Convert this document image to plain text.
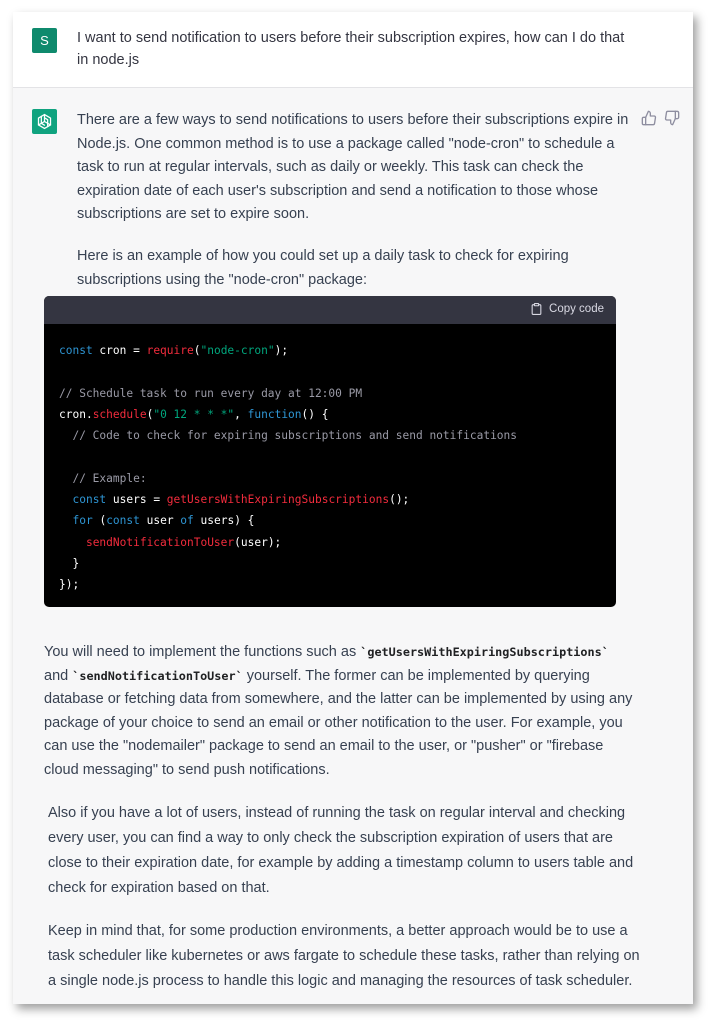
S	I want to send notification to users before their subscription expires, how can I do that in node.js

There are a few ways to send notifications to users before their subscriptions expire in Node.js. One common method is to use a package called "node-cron" to schedule a task to run at regular intervals, such as daily or weekly. This task can check the expiration date of each user's subscription and send a notification to those whose subscriptions are set to expire soon.

Here is an example of how you could set up a daily task to check for expiring subscriptions using the "node-cron" package:

Copy code
const cron = require("node-cron");

// Schedule task to run every day at 12:00 PM
cron.schedule("0 12 * * *", function() {
// Code to check for expiring subscriptions and send notifications

// Example:
const users = getUsersWithExpiringSubscriptions();
for (const user of users) {
sendNotificationToUser(user);
}
});

You will need to implement the functions such as `getUsersWithExpiringSubscriptions` and `sendNotificationToUser` yourself. The former can be implemented by querying database or fetching data from somewhere, and the latter can be implemented by using any package of your choice to send an email or other notification to the user. For example, you can use the "nodemailer" package to send an email to the user, or "pusher" or "firebase cloud messaging" to send push notifications.

Also if you have a lot of users, instead of running the task on regular interval and checking every user, you can find a way to only check the subscription expiration of users that are close to their expiration date, for example by adding a timestamp column to users table and check for expiration based on that.

Keep in mind that, for some production environments, a better approach would be to use a task scheduler like kubernetes or aws fargate to schedule these tasks, rather than relying on a single node.js process to handle this logic and managing the resources of task scheduler.
